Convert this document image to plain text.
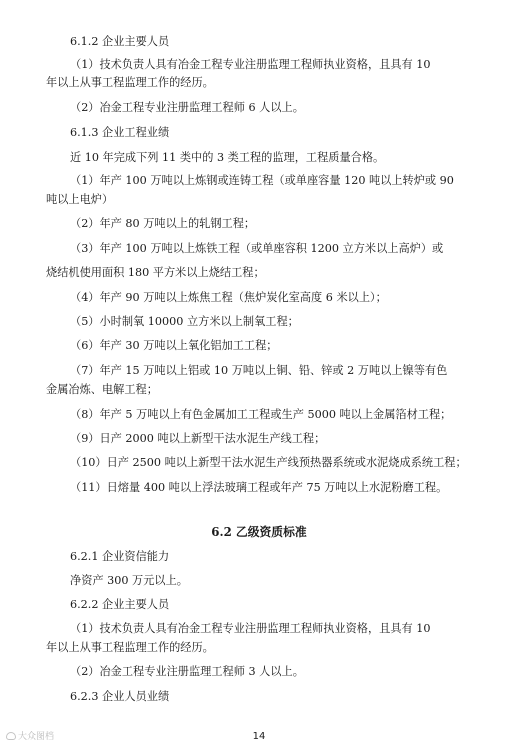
6.1.2 企业主要人员
（1）技术负责人具有冶金工程专业注册监理工程师执业资格，且具有 10
年以上从事工程监理工作的经历。
（2）冶金工程专业注册监理工程师 6 人以上。
6.1.3 企业工程业绩
近 10 年完成下列 11 类中的 3 类工程的监理，工程质量合格。
（1）年产 100 万吨以上炼钢或连铸工程（或单座容量 120 吨以上转炉或 90
吨以上电炉）
（2）年产 80 万吨以上的轧钢工程；
（3）年产 100 万吨以上炼铁工程（或单座容积 1200 立方米以上高炉）或
烧结机使用面积 180 平方米以上烧结工程；
（4）年产 90 万吨以上炼焦工程（焦炉炭化室高度 6 米以上）；
（5）小时制氧 10000 立方米以上制氧工程；
（6）年产 30 万吨以上氧化铝加工工程；
（7）年产 15 万吨以上铝或 10 万吨以上铜、铅、锌或 2 万吨以上镍等有色
金属冶炼、电解工程；
（8）年产 5 万吨以上有色金属加工工程或生产 5000 吨以上金属箔材工程；
（9）日产 2000 吨以上新型干法水泥生产线工程；
（10）日产 2500 吨以上新型干法水泥生产线预热器系统或水泥烧成系统工程；
（11）日熔量 400 吨以上浮法玻璃工程或年产 75 万吨以上水泥粉磨工程。
6.2 乙级资质标准
6.2.1 企业资信能力
净资产 300 万元以上。
6.2.2 企业主要人员
（1）技术负责人具有冶金工程专业注册监理工程师执业资格，且具有 10
年以上从事工程监理工作的经历。
（2）冶金工程专业注册监理工程师 3 人以上。
6.2.3 企业人员业绩
14
大众图档
